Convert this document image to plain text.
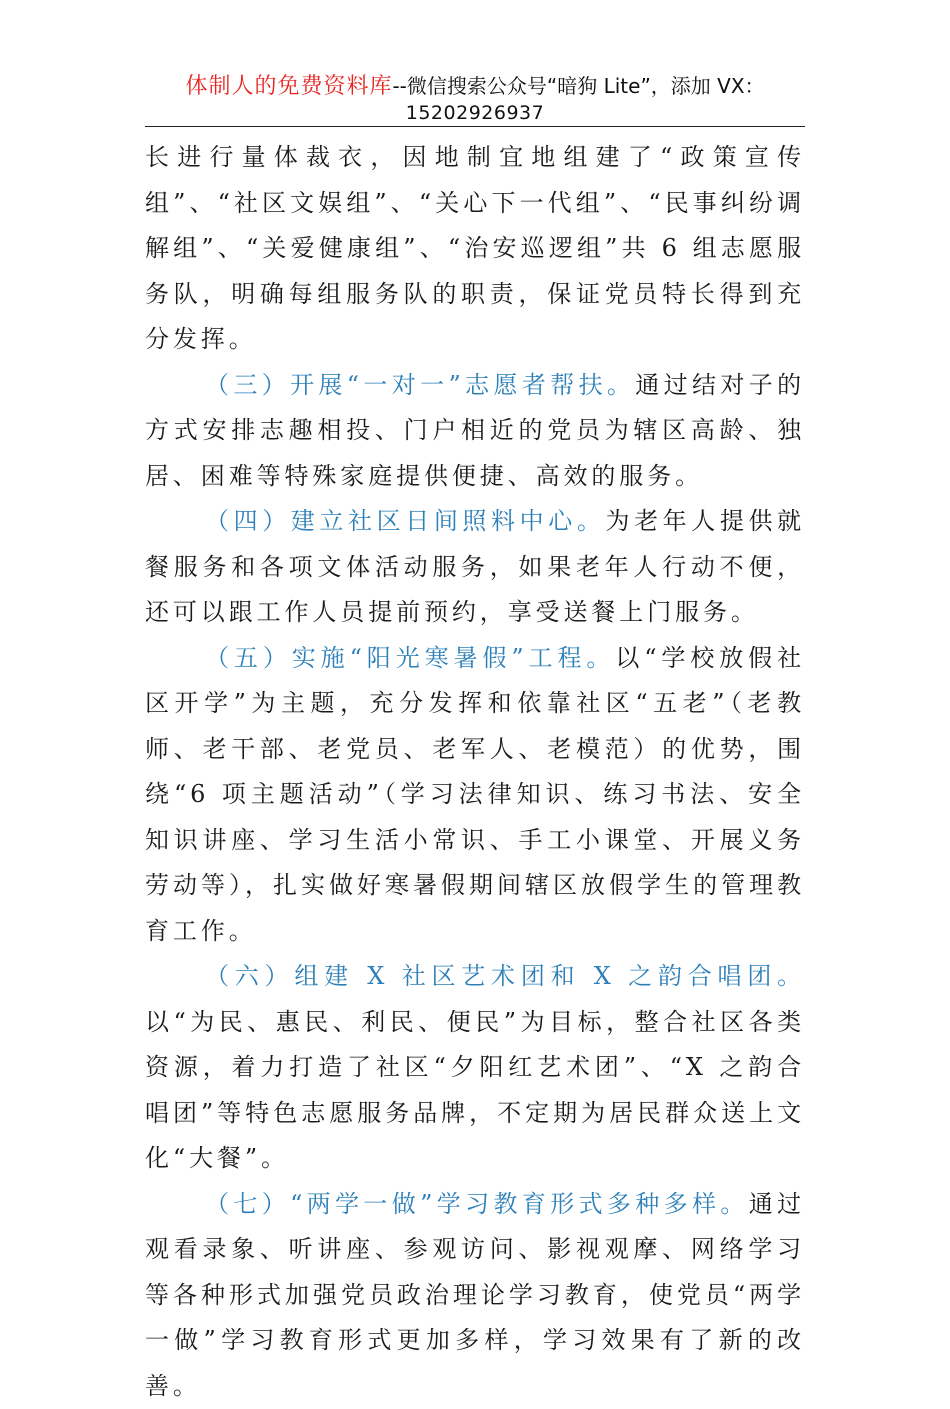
体制人的免费资料库--微信搜索公众号“暗狗 Lite”，添加 VX：
15202926937

长进行量体裁衣，因地制宜地组建了“政策宣传组”、“社区文娱组”、“关心下一代组”、“民事纠纷调解组”、“关爱健康组”、“治安巡逻组”共 6 组志愿服务队，明确每组服务队的职责，保证党员特长得到充分发挥。

（三）开展“一对一”志愿者帮扶。通过结对子的方式安排志趣相投、门户相近的党员为辖区高龄、独居、困难等特殊家庭提供便捷、高效的服务。

（四）建立社区日间照料中心。为老年人提供就餐服务和各项文体活动服务，如果老年人行动不便，还可以跟工作人员提前预约，享受送餐上门服务。

（五）实施“阳光寒暑假”工程。以“学校放假社区开学”为主题，充分发挥和依靠社区“五老”（老教师、老干部、老党员、老军人、老模范）的优势，围绕“6 项主题活动”（学习法律知识、练习书法、安全知识讲座、学习生活小常识、手工小课堂、开展义务劳动等），扎实做好寒暑假期间辖区放假学生的管理教育工作。

（六）组建 X 社区艺术团和 X 之韵合唱团。以“为民、惠民、利民、便民”为目标，整合社区各类资源，着力打造了社区“夕阳红艺术团”、“X 之韵合唱团”等特色志愿服务品牌，不定期为居民群众送上文化“大餐”。

（七）“两学一做”学习教育形式多种多样。通过观看录象、听讲座、参观访问、影视观摩、网络学习等各种形式加强党员政治理论学习教育，使党员“两学一做”学习教育形式更加多样，学习效果有了新的改善。
